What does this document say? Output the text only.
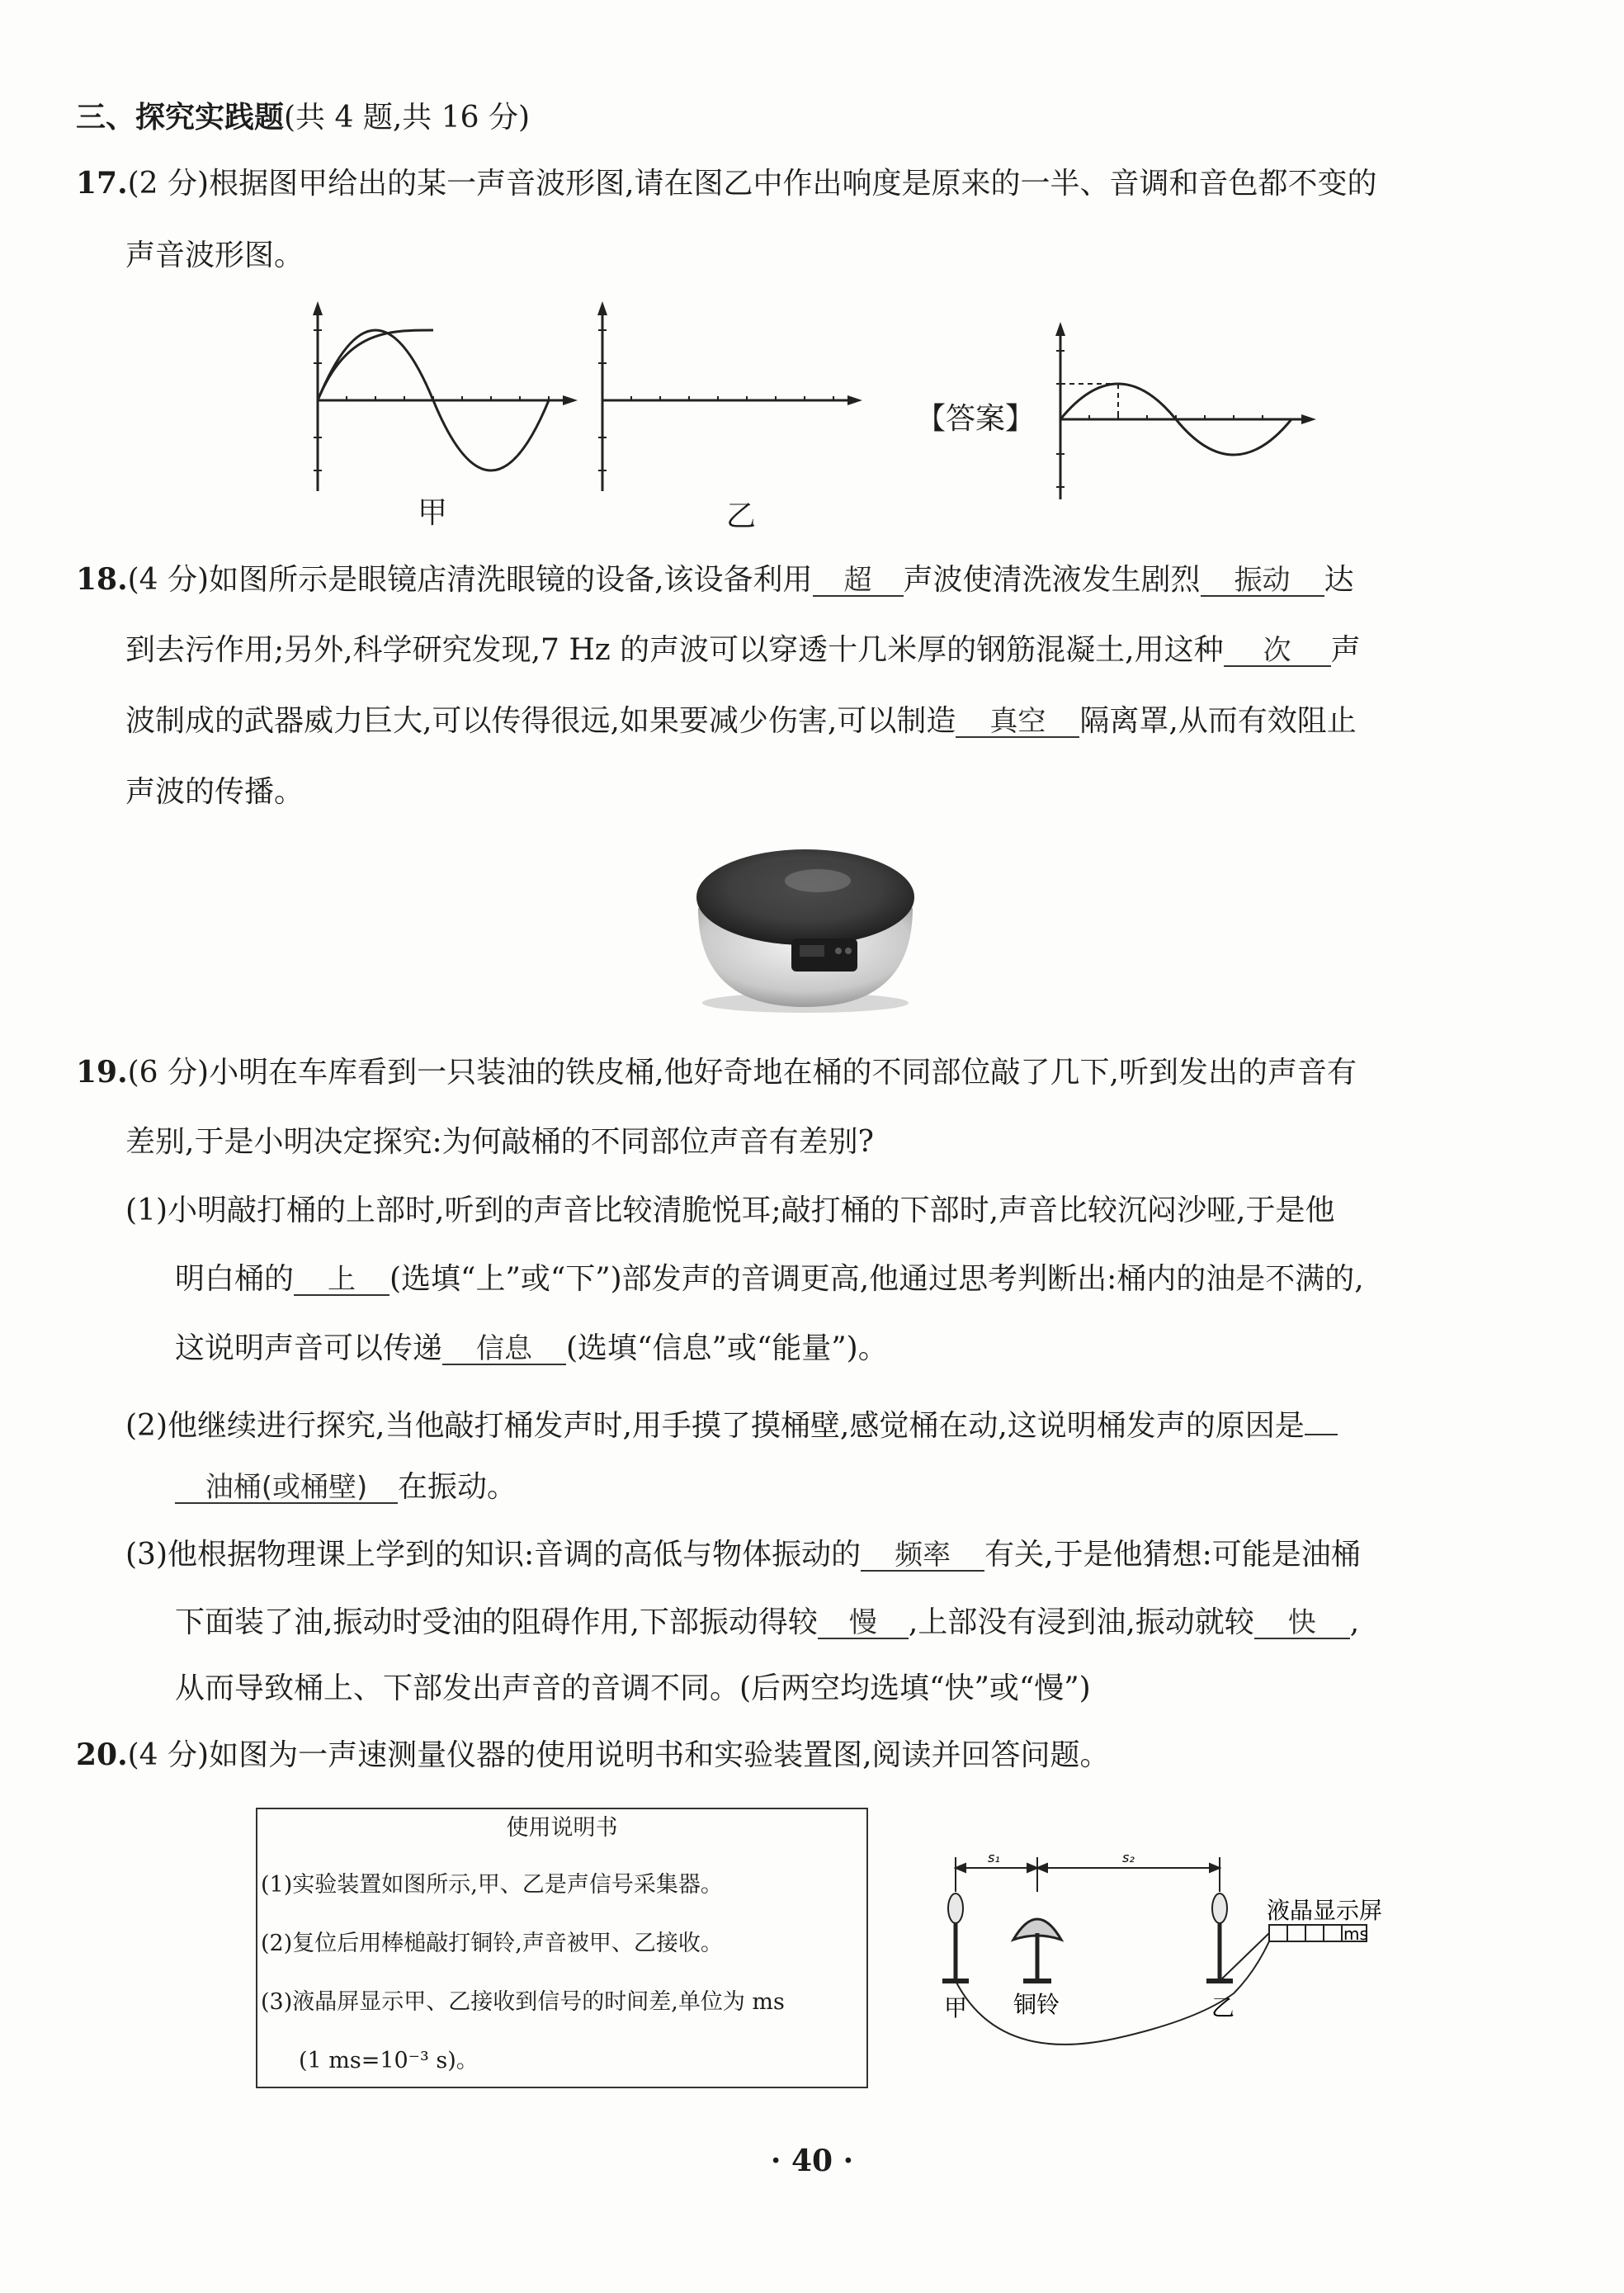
三、探究实践题(共 4 题,共 16 分)
17.(2 分)根据图甲给出的某一声音波形图,请在图乙中作出响度是原来的一半、音调和音色都不变的
声音波形图。
甲	乙
【答案】
18.(4 分)如图所示是眼镜店清洗眼镜的设备,该设备利用 超 声波使清洗液发生剧烈 振动 达
到去污作用;另外,科学研究发现,7 Hz 的声波可以穿透十几米厚的钢筋混凝土,用这种 次 声
波制成的武器威力巨大,可以传得很远,如果要减少伤害,可以制造 真空 隔离罩,从而有效阻止
声波的传播。
19.(6 分)小明在车库看到一只装油的铁皮桶,他好奇地在桶的不同部位敲了几下,听到发出的声音有
差别,于是小明决定探究:为何敲桶的不同部位声音有差别?
(1)小明敲打桶的上部时,听到的声音比较清脆悦耳;敲打桶的下部时,声音比较沉闷沙哑,于是他
明白桶的 上 (选填“上”或“下”)部发声的音调更高,他通过思考判断出:桶内的油是不满的,
这说明声音可以传递 信息 (选填“信息”或“能量”)。
(2)他继续进行探究,当他敲打桶发声时,用手摸了摸桶壁,感觉桶在动,这说明桶发声的原因是
油桶(或桶壁) 在振动。
(3)他根据物理课上学到的知识:音调的高低与物体振动的 频率 有关,于是他猜想:可能是油桶
下面装了油,振动时受油的阻碍作用,下部振动得较 慢 ,上部没有浸到油,振动就较 快 ,
从而导致桶上、下部发出声音的音调不同。(后两空均选填“快”或“慢”)
20.(4 分)如图为一声速测量仪器的使用说明书和实验装置图,阅读并回答问题。
使用说明书
(1)实验装置如图所示,甲、乙是声信号采集器。
(2)复位后用棒槌敲打铜铃,声音被甲、乙接收。
(3)液晶屏显示甲、乙接收到信号的时间差,单位为 ms
(1 ms=10⁻³ s)。
s₁	s₂
液晶显示屏
ms
甲 铜铃	乙
· 40 ·
